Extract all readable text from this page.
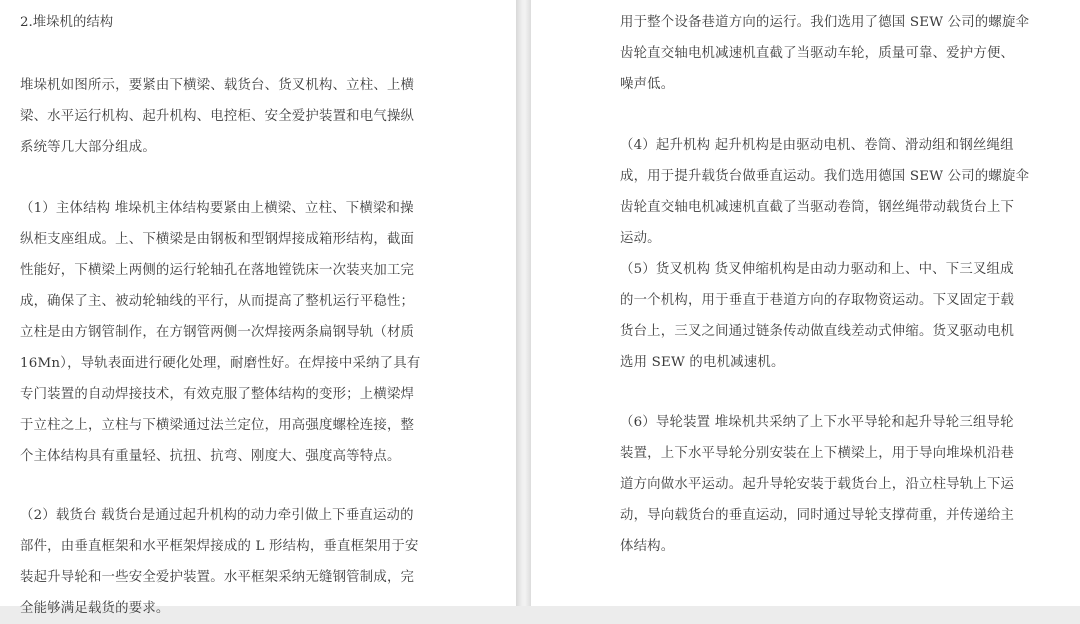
2.堆垛机的结构
堆垛机如图所示，要紧由下横梁、载货台、货叉机构、立柱、上横
梁、水平运行机构、起升机构、电控柜、安全爱护装置和电气操纵
系统等几大部分组成。
（1）主体结构 堆垛机主体结构要紧由上横梁、立柱、下横梁和操
纵柜支座组成。上、下横梁是由钢板和型钢焊接成箱形结构，截面
性能好，下横梁上两侧的运行轮轴孔在落地镗铣床一次装夹加工完
成，确保了主、被动轮轴线的平行，从而提高了整机运行平稳性；
立柱是由方钢管制作，在方钢管两侧一次焊接两条扁钢导轨（材质
16Mn），导轨表面进行硬化处理，耐磨性好。在焊接中采纳了具有
专门装置的自动焊接技术，有效克服了整体结构的变形；上横梁焊
于立柱之上，立柱与下横梁通过法兰定位，用高强度螺栓连接，整
个主体结构具有重量轻、抗扭、抗弯、刚度大、强度高等特点。
（2）载货台 载货台是通过起升机构的动力牵引做上下垂直运动的
部件，由垂直框架和水平框架焊接成的 L 形结构，垂直框架用于安
装起升导轮和一些安全爱护装置。水平框架采纳无缝钢管制成，完
全能够满足载货的要求。
用于整个设备巷道方向的运行。我们选用了德国 SEW 公司的螺旋伞
齿轮直交轴电机减速机直截了当驱动车轮，质量可靠、爱护方便、
噪声低。
（4）起升机构 起升机构是由驱动电机、卷筒、滑动组和钢丝绳组
成，用于提升载货台做垂直运动。我们选用德国 SEW 公司的螺旋伞
齿轮直交轴电机减速机直截了当驱动卷筒，钢丝绳带动载货台上下
运动。
（5）货叉机构 货叉伸缩机构是由动力驱动和上、中、下三叉组成
的一个机构，用于垂直于巷道方向的存取物资运动。下叉固定于载
货台上，三叉之间通过链条传动做直线差动式伸缩。货叉驱动电机
选用 SEW 的电机减速机。
（6）导轮装置 堆垛机共采纳了上下水平导轮和起升导轮三组导轮
装置，上下水平导轮分别安装在上下横梁上，用于导向堆垛机沿巷
道方向做水平运动。起升导轮安装于载货台上，沿立柱导轨上下运
动，导向载货台的垂直运动，同时通过导轮支撑荷重，并传递给主
体结构。
